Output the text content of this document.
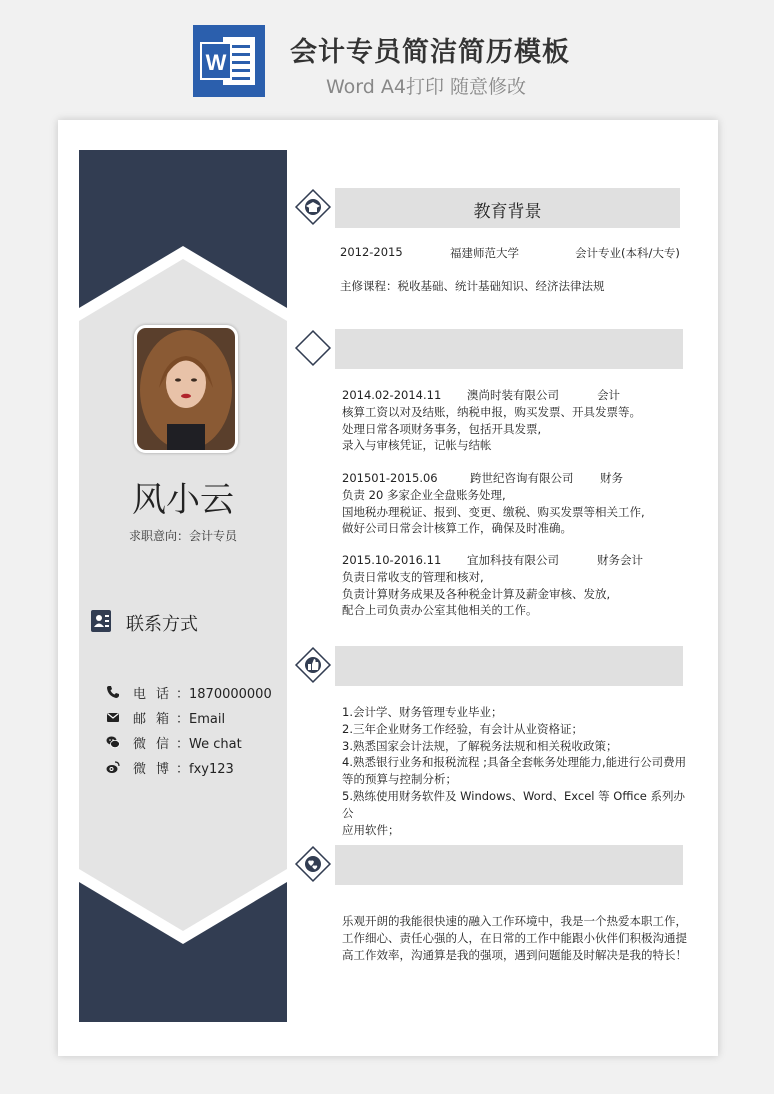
W 会计专员简洁简历模板
Word A4打印 随意修改
风小云
求职意向：会计专员
联系方式
电话
：1870000000
邮箱
：Email
微信
：We chat
微博
：fxy123
教育背景
2012-2015	福建师范大学	会计专业(本科/大专)
主修课程：税收基础、统计基础知识、经济法律法规
2014.02-2014.11 澳尚时装有限公司	会计
核算工资以对及结账，纳税申报，购买发票、开具发票等。
处理日常各项财务事务，包括开具发票,
录入与审核凭证，记帐与结帐
201501-2015.06	跨世纪咨询有限公司 财务
负责 20 多家企业全盘账务处理,
国地税办理税证、报到、变更、缴税、购买发票等相关工作,
做好公司日常会计核算工作，确保及时准确。
2015.10-2016.11 宜加科技有限公司	财务会计
负责日常收支的管理和核对,
负责计算财务成果及各种税金计算及薪金审核、发放,
配合上司负责办公室其他相关的工作。
1.会计学、财务管理专业毕业；
2.三年企业财务工作经验，有会计从业资格证；
3.熟悉国家会计法规，了解税务法规和相关税收政策；
4.熟悉银行业务和报税流程 ;具备全套帐务处理能力,能进行公司费用
等的预算与控制分析；
5.熟练使用财务软件及 Windows、Word、Excel 等 Office 系列办公
应用软件；
乐观开朗的我能很快速的融入工作环境中，我是一个热爱本职工作，工作细心、责任心强的人，在日常的工作中能跟小伙伴们积极沟通提高工作效率，沟通算是我的强项，遇到问题能及时解决是我的特长！
